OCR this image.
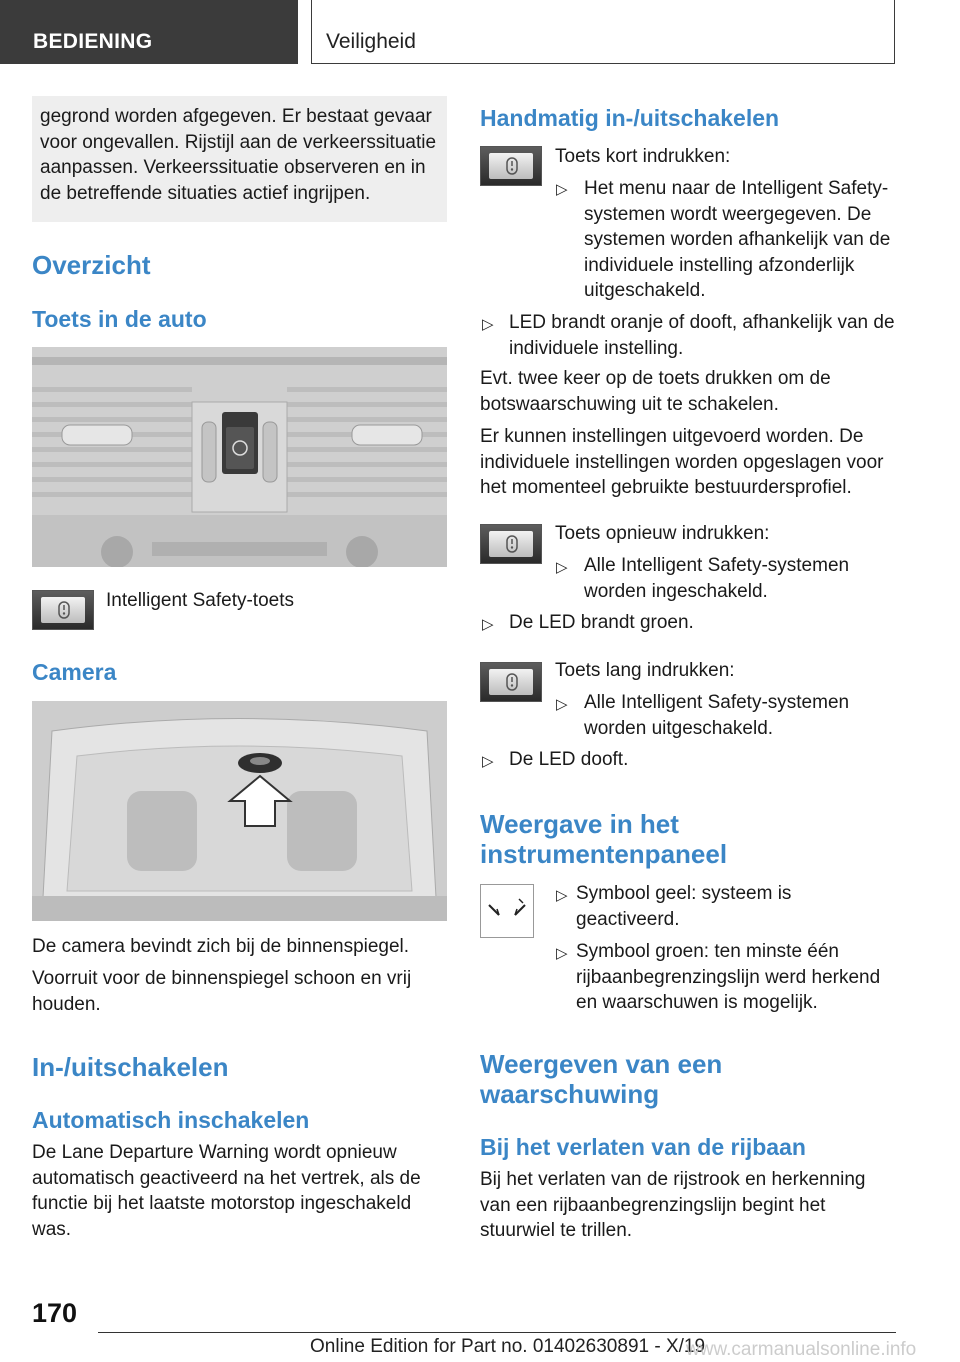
BEDIENING	Veiligheid
gegrond worden afgegeven. Er bestaat gevaar voor ongevallen. Rijstijl aan de verkeerssituatie aanpassen. Verkeerssituatie observeren en in de betreffende situaties actief ingrijpen.
Overzicht
Toets in de auto
Intelligent Safety-toets
Camera
De camera bevindt zich bij de binnenspiegel.
Voorruit voor de binnenspiegel schoon en vrij houden.
In-/uitschakelen
Automatisch inschakelen
De Lane Departure Warning wordt opnieuw automatisch geactiveerd na het vertrek, als de functie bij het laatste motorstop ingeschakeld was.
Handmatig in-/uitschakelen
Toets kort indrukken:
▷ Het menu naar de Intelligent Safety-systemen wordt weergegeven. De systemen worden afhankelijk van de individuele instelling afzonderlijk uitgeschakeld.
▷ LED brandt oranje of dooft, afhankelijk van de individuele instelling.
Evt. twee keer op de toets drukken om de botswaarschuwing uit te schakelen.
Er kunnen instellingen uitgevoerd worden. De individuele instellingen worden opgeslagen voor het momenteel gebruikte bestuurdersprofiel.
Toets opnieuw indrukken:
▷ Alle Intelligent Safety-systemen worden ingeschakeld.
▷ De LED brandt groen.
Toets lang indrukken:
▷ Alle Intelligent Safety-systemen worden uitgeschakeld.
▷ De LED dooft.
Weergave in het instrumentenpaneel
▷ Symbool geel: systeem is geactiveerd.
▷ Symbool groen: ten minste één rijbaanbegrenzingslijn werd herkend en waarschuwen is mogelijk.
Weergeven van een waarschuwing
Bij het verlaten van de rijbaan
Bij het verlaten van de rijstrook en herkenning van een rijbaanbegrenzingslijn begint het stuurwiel te trillen.
170
Online Edition for Part no. 01402630891 - X/19
www.carmanualsonline.info
